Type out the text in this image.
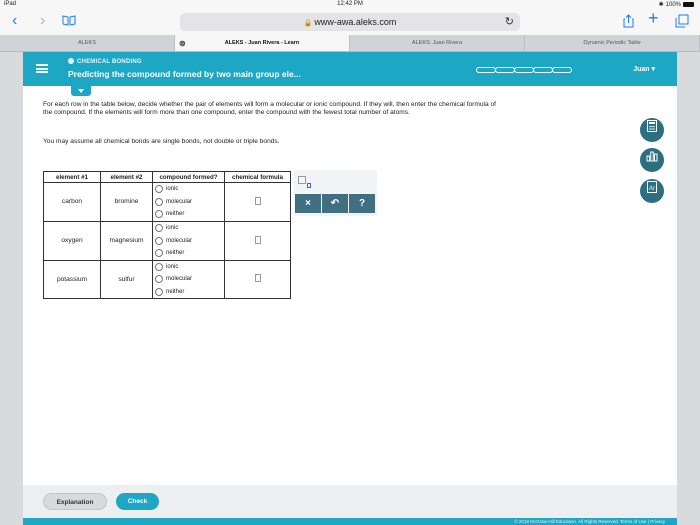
iPad	12:42 PM	✱ 100%
‹ ›	🔒 www-awa.aleks.com	↻	+
ALEKS	⊗	ALEKS - Juan Rivera - Learn	ALEKS: Juan Rivera	Dynamic Periodic Table
CHEMICAL BONDING
Predicting the compound formed by two main group ele...	Juan ▾
For each row in the table below, decide whether the pair of elements will form a molecular or ionic compound. If they will, then enter the chemical formula of the compound. If the elements will form more than one compound, enter the compound with the fewest total number of atoms.
You may assume all chemical bonds are single bonds, not double or triple bonds.
element #1	element #2	compound formed?	chemical formula
carbon	bromine	ionic
molecular
neither	

oxygen	magnesium	ionic
molecular
neither	

potassium	sulfur	ionic
molecular
neither	

×	↶	?
Ar
Explanation	Check
© 2018 McGraw-Hill Education. All Rights Reserved. Terms of Use | Privacy
